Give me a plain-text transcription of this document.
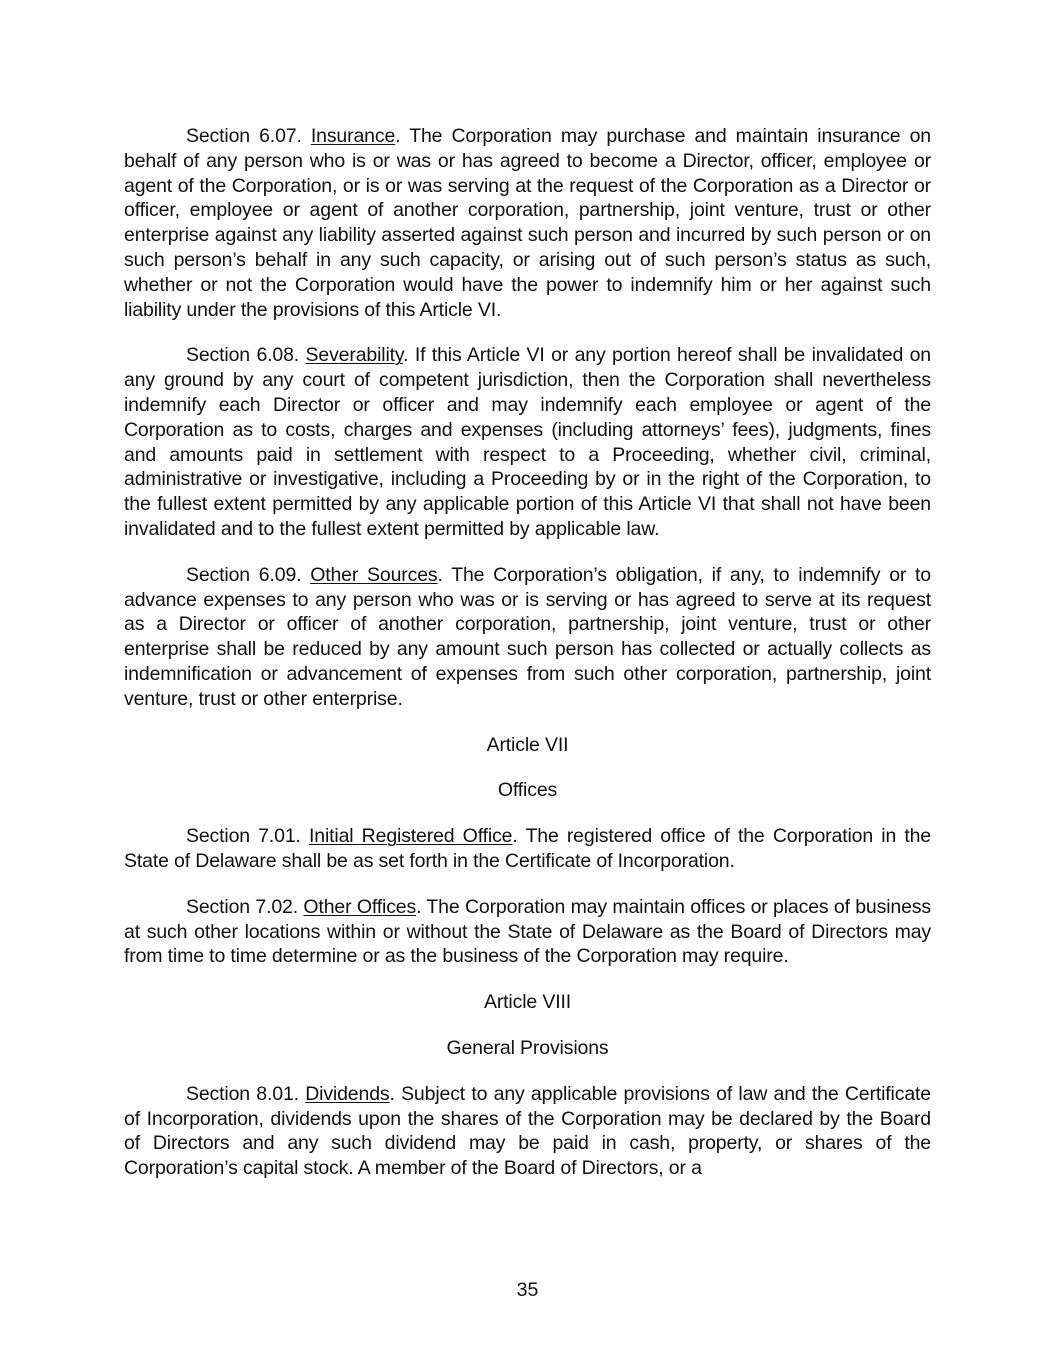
Section 6.07. Insurance. The Corporation may purchase and maintain insurance on behalf of any person who is or was or has agreed to become a Director, officer, employee or agent of the Corporation, or is or was serving at the request of the Corporation as a Director or officer, employee or agent of another corporation, partnership, joint venture, trust or other enterprise against any liability asserted against such person and incurred by such person or on such person’s behalf in any such capacity, or arising out of such person’s status as such, whether or not the Corporation would have the power to indemnify him or her against such liability under the provisions of this Article VI.

Section 6.08. Severability. If this Article VI or any portion hereof shall be invalidated on any ground by any court of competent jurisdiction, then the Corporation shall nevertheless indemnify each Director or officer and may indemnify each employee or agent of the Corporation as to costs, charges and expenses (including attorneys’ fees), judgments, fines and amounts paid in settlement with respect to a Proceeding, whether civil, criminal, administrative or investigative, including a Proceeding by or in the right of the Corporation, to the fullest extent permitted by any applicable portion of this Article VI that shall not have been invalidated and to the fullest extent permitted by applicable law.

Section 6.09. Other Sources. The Corporation’s obligation, if any, to indemnify or to advance expenses to any person who was or is serving or has agreed to serve at its request as a Director or officer of another corporation, partnership, joint venture, trust or other enterprise shall be reduced by any amount such person has collected or actually collects as indemnification or advancement of expenses from such other corporation, partnership, joint venture, trust or other enterprise.

Article VII

Offices

Section 7.01. Initial Registered Office. The registered office of the Corporation in the State of Delaware shall be as set forth in the Certificate of Incorporation.

Section 7.02. Other Offices. The Corporation may maintain offices or places of business at such other locations within or without the State of Delaware as the Board of Directors may from time to time determine or as the business of the Corporation may require.

Article VIII

General Provisions

Section 8.01. Dividends. Subject to any applicable provisions of law and the Certificate of Incorporation, dividends upon the shares of the Corporation may be declared by the Board of Directors and any such dividend may be paid in cash, property, or shares of the Corporation’s capital stock. A member of the Board of Directors, or a

35
